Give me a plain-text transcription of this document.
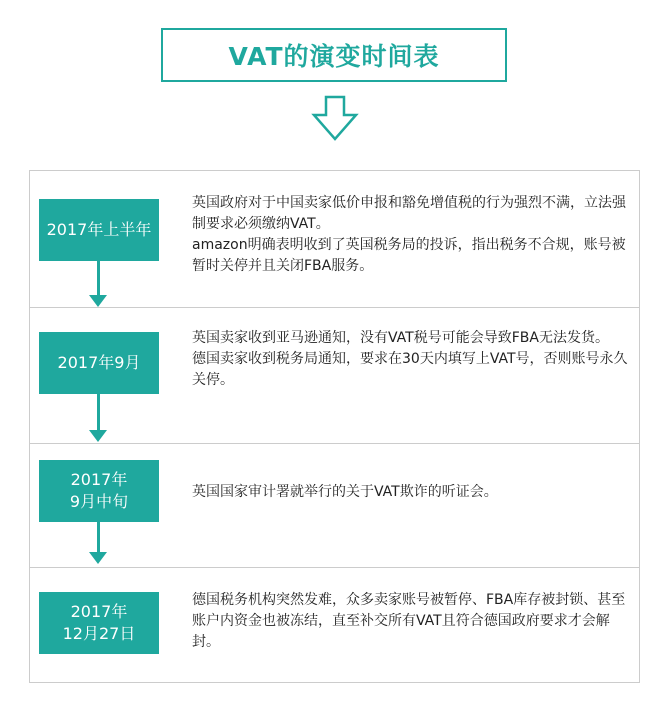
VAT的演变时间表
2017年上半年

英国政府对于中国卖家低价申报和豁免增值税的行为强烈不满，立法强制要求必须缴纳VAT。

amazon明确表明收到了英国税务局的投诉，指出税务不合规，账号被暂时关停并且关闭FBA服务。

2017年9月

英国卖家收到亚马逊通知，没有VAT税号可能会导致FBA无法发货。

德国卖家收到税务局通知，要求在30天内填写上VAT号，否则账号永久关停。

2017年
9月中旬	英国国家审计署就举行的关于VAT欺诈的听证会。

2017年
12月27日

德国税务机构突然发难，众多卖家账号被暂停、FBA库存被封锁、甚至账户内资金也被冻结，直至补交所有VAT且符合德国政府要求才会解封。
